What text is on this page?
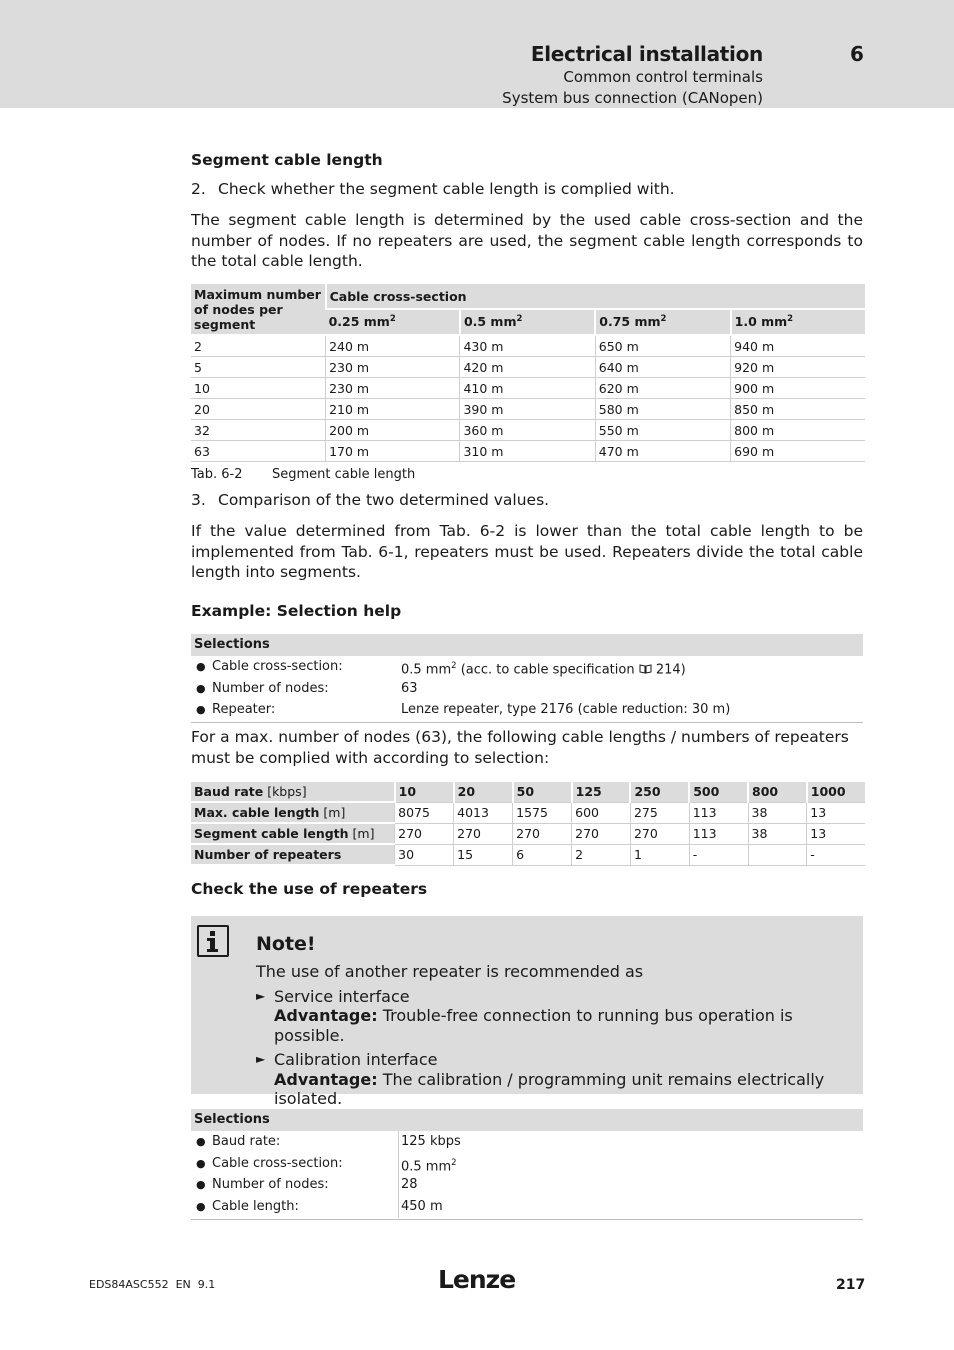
Electrical installation	6
Common control terminals
System bus connection (CANopen)
Segment cable length
2. Check whether the segment cable length is complied with.
The segment cable length is determined by the used cable cross-section and the number of nodes. If no repeaters are used, the segment cable length corresponds to the total cable length.
Maximum number of nodes per segment	Cable cross-section			
	0.25 $mm^2$	0.5 $mm^2$	0.75 $mm^2$	1.0 $mm^2$
2	240 m	430 m	650 m	940 m
5	230 m	420 m	640 m	920 m
10	230 m	410 m	620 m	900 m
20	210 m	390 m	580 m	850 m
32	200 m	360 m	550 m	800 m
63	170 m	310 m	470 m	690 m
Tab. 6-2 Segment cable length
3. Comparison of the two determined values.
If the value determined from Tab. 6-2 is lower than the total cable length to be implemented from Tab. 6-1, repeaters must be used. Repeaters divide the total cable length into segments.
Example: Selection help
Selections
● Cable cross-section:	0.5 $mm^2$ (acc. to cable specification  214)
● Number of nodes:	63
● Repeater:	Lenze repeater, type 2176 (cable reduction: 30 m)
For a max. number of nodes (63), the following cable lengths / numbers of repeaters must be complied with according to selection:
Baud rate [kbps]	10	20	50	125	250	500	800	1000
Max. cable length [m]	8075	4013	1575	600	275	113	38	13
Segment cable length [m]	270	270	270	270	270	113	38	13
Number of repeaters	30	15	6	2	1	-		-
Check the use of repeaters
Note!
The use of another repeater is recommended as
► Service interface
Advantage: Trouble-free connection to running bus operation is possible.
► Calibration interface
Advantage: The calibration / programming unit remains electrically isolated.
Selections
● Baud rate:	125 kbps
● Cable cross-section:	0.5 $mm^2$
● Number of nodes:	28
● Cable length:	450 m
EDS84ASC552  EN  9.1	Lenze	217
